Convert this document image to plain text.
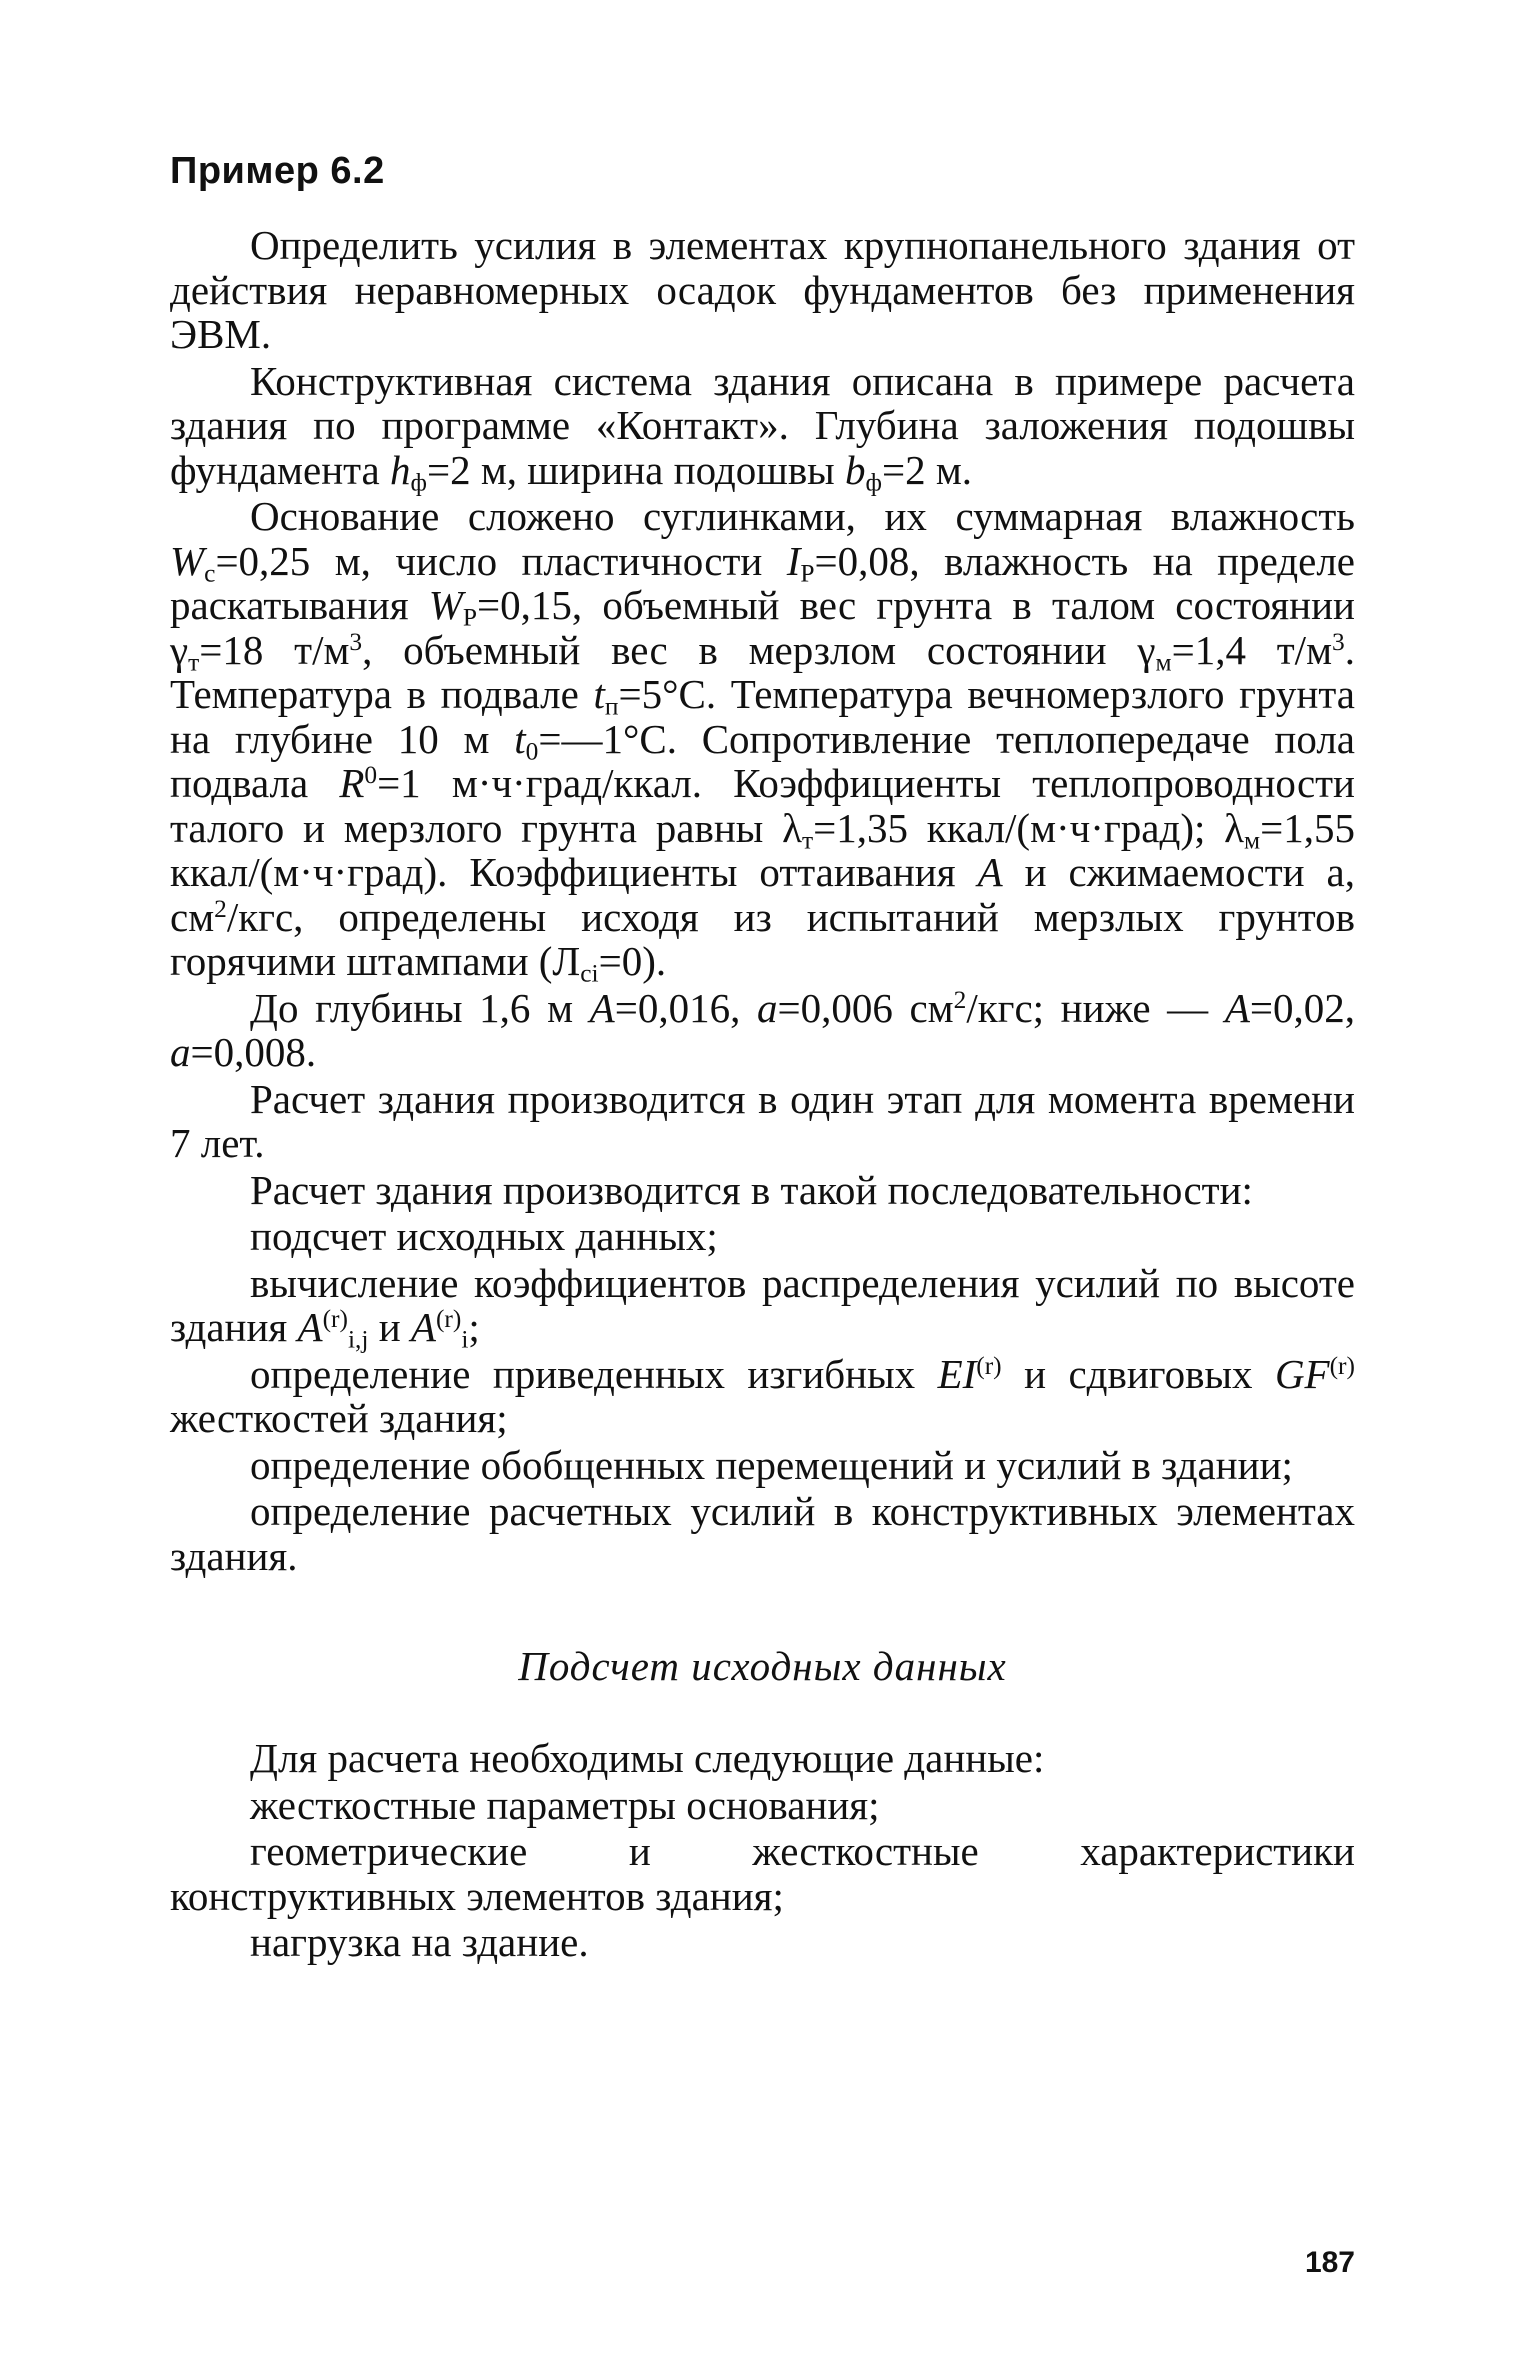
Пример 6.2

Определить усилия в элементах крупнопанельного здания от действия неравномерных осадок фундаментов без применения ЭВМ.

Конструктивная система здания описана в примере расчета здания по программе «Контакт». Глубина заложения подошвы фундамента $h_ф=2$ м, ширина подошвы $b_ф=2$ м.

Основание сложено суглинками, их суммарная влажность $W_c=0,25$ м, число пластичности $I_P=0,08$, влажность на пределе раскатывания $W_P=0,15$, объемный вес грунта в талом состоянии $\gamma_т=18$ $т/м^3$, объемный вес в мерзлом состоянии $\gamma_м=1,4$ $т/м^3$. Температура в подвале $t_п=5^\circ C$. Температура вечномерзлого грунта на глубине 10 м $t_0=—1^\circ C$. Сопротивление теплопередаче пола подвала $R^0=1$ м·ч·град/ккал. Коэффициенты теплопроводности талого и мерзлого грунта равны $\lambda_т=1,35$ ккал/(м·ч·град); $\lambda_м=1,55$ ккал/(м·ч·град). Коэффициенты оттаивания A и сжимаемости a, $см^2$/кгс, определены исходя из испытаний мерзлых грунтов горячими штампами $(Л_{ci}=0)$.

До глубины 1,6 м A=0,016, a=0,006 $см^2$/кгс; ниже — A=0,02, a=0,008.

Расчет здания производится в один этап для момента времени 7 лет.

Расчет здания производится в такой последовательности:

подсчет исходных данных;

вычисление коэффициентов распределения усилий по высоте здания $A^{(r)}_{i,j}$ и $A^{(r)}_i$;

определение приведенных изгибных EI$^{(r)}$ и сдвиговых GF$^{(r)}$ жесткостей здания;

определение обобщенных перемещений и усилий в здании;

определение расчетных усилий в конструктивных элементах здания.

Подсчет исходных данных

Для расчета необходимы следующие данные:

жесткостные параметры основания;

геометрические и жесткостные характеристики конструктивных элементов здания;

нагрузка на здание.

187
